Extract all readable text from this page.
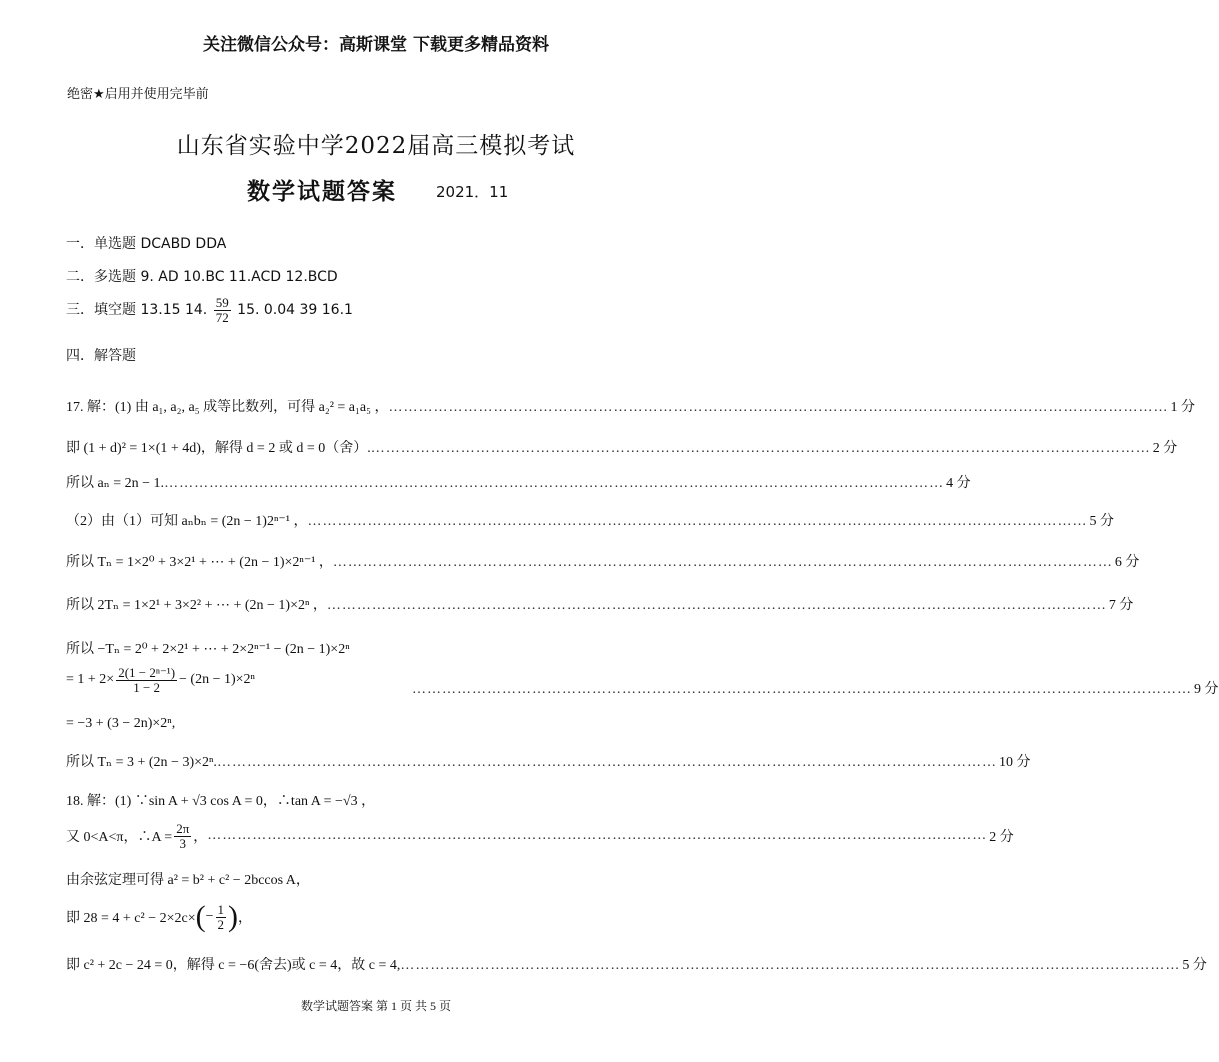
关注微信公众号：高斯课堂 下载更多精品资料
绝密★启用并使用完毕前
山东省实验中学2022届高三模拟考试
数学试题答案	2021．11
一．单选题 DCABD DDA
二．多选题 9. AD 10.BC 11.ACD 12.BCD
三．填空题 13.15 14. $\frac{59}{72} 15$. 0.04 39 16.1
四．解答题
17. 解：(1) 由 a₁, a₂, a₅ 成等比数列，可得 a₂² = a₁a₅ ， ………………………………………………………………………………………………………………………………………… 1 分
即 (1 + d)² = 1×(1 + 4d)，解得 d = 2 或 d = 0（舍）. ………………………………………………………………………………………………………………………………………… 2 分
所以 aₙ = 2n − 1. ………………………………………………………………………………………………………………………………………… 4 分
（2）由（1）可知 aₙbₙ = (2n − 1)2ⁿ⁻¹ ， ………………………………………………………………………………………………………………………………………… 5 分
所以 Tₙ = 1×2⁰ + 3×2¹ + ⋯ + (2n − 1)×2ⁿ⁻¹ ， ………………………………………………………………………………………………………………………………………… 6 分
所以 2Tₙ = 1×2¹ + 3×2² + ⋯ + (2n − 1)×2ⁿ ， ………………………………………………………………………………………………………………………………………… 7 分
所以 −Tₙ = 2⁰ + 2×2¹ + ⋯ + 2×2ⁿ⁻¹ − (2n − 1)×2ⁿ
= $1 + 2\times \frac{\text{2(1 − 2ⁿ⁻¹)}}{1 - 2} - (2n - 1)\times 2^n$
………………………………………………………………………………………………………………………………………… 9 分
= −3 + (3 − 2n)×2ⁿ,
所以 Tₙ = 3 + (2n − 3)×2ⁿ. ………………………………………………………………………………………………………………………………………… 10 分
18. 解：(1) ∵sin A + √3 cos A = 0，∴tan A = −√3 ，
又 0<A<π，∴A = $\frac{2\pi}{3}$ ， ………………………………………………………………………………………………………………………………………… 2 分
由余弦定理可得 a² = b² + c² − 2bccos A，
即 28 = 4 + c² − 2×2c× ( − $\frac{1}{2}$ ) ，
即 c² + 2c − 24 = 0，解得 c = −6(舍去)或 c = 4，故 c = 4, ………………………………………………………………………………………………………………………………………… 5 分
数学试题答案 第 1 页 共 5 页
